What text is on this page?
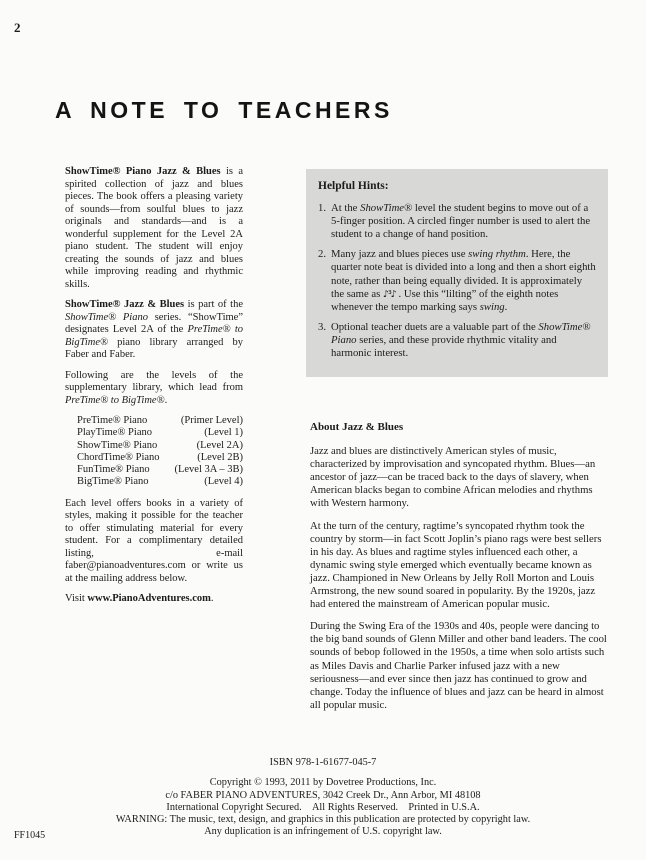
2
A NOTE TO TEACHERS

ShowTime® Piano Jazz & Blues is a spirited collection of jazz and blues pieces. The book offers a pleasing variety of sounds—from soulful blues to jazz originals and standards—and is a wonderful supplement for the Level 2A piano student. The student will enjoy creating the sounds of jazz and blues while improving reading and rhythmic skills.

ShowTime® Jazz & Blues is part of the ShowTime® Piano series. “ShowTime” designates Level 2A of the PreTime® to BigTime® piano library arranged by Faber and Faber.

Following are the levels of the supplementary library, which lead from PreTime® to BigTime®.

PreTime® Piano	(Primer Level)
PlayTime® Piano	(Level 1)
ShowTime® Piano	(Level 2A)
ChordTime® Piano	(Level 2B)
FunTime® Piano (Level 3A – 3B)
BigTime® Piano	(Level 4)

Each level offers books in a variety of styles, making it possible for the teacher to offer stimulating material for every student. For a complimentary detailed listing, e-mail faber@pianoadventures.com or write us at the mailing address below.

Visit www.PianoAdventures.com.

Helpful Hints:
1. At the ShowTime® level the student begins to move out of a 5-finger position. A circled finger number is used to alert the student to a change of hand position.
2. Many jazz and blues pieces use swing rhythm. Here, the quarter note beat is divided into a long and then a short eighth note, rather than being equally divided. It is approximately the same as ♪³♪ . Use this “lilting” of the eighth notes whenever the tempo marking says swing.
3. Optional teacher duets are a valuable part of the ShowTime® Piano series, and these provide rhythmic vitality and harmonic interest.
About Jazz & Blues

Jazz and blues are distinctively American styles of music, characterized by improvisation and syncopated rhythm. Blues—an ancestor of jazz—can be traced back to the days of slavery, when American blacks began to combine African melodies and rhythms with Western harmony.

At the turn of the century, ragtime’s syncopated rhythm took the country by storm—in fact Scott Joplin’s piano rags were best sellers in his day. As blues and ragtime styles influenced each other, a dynamic swing style emerged which eventually became known as jazz. Championed in New Orleans by Jelly Roll Morton and Louis Armstrong, the new sound soared in popularity. By the 1920s, jazz had entered the mainstream of American popular music.

During the Swing Era of the 1930s and 40s, people were dancing to the big band sounds of Glenn Miller and other band leaders. The cool sounds of bebop followed in the 1950s, a time when solo artists such as Miles Davis and Charlie Parker infused jazz with a new seriousness—and ever since then jazz has continued to grow and change. Today the influence of blues and jazz can be heard in almost all popular music.

ISBN 978-1-61677-045-7
Copyright © 1993, 2011 by Dovetree Productions, Inc.
c/o FABER PIANO ADVENTURES, 3042 Creek Dr., Ann Arbor, MI 48108
International Copyright Secured. All Rights Reserved. Printed in U.S.A.
WARNING: The music, text, design, and graphics in this publication are protected by copyright law.
Any duplication is an infringement of U.S. copyright law.
FF1045
